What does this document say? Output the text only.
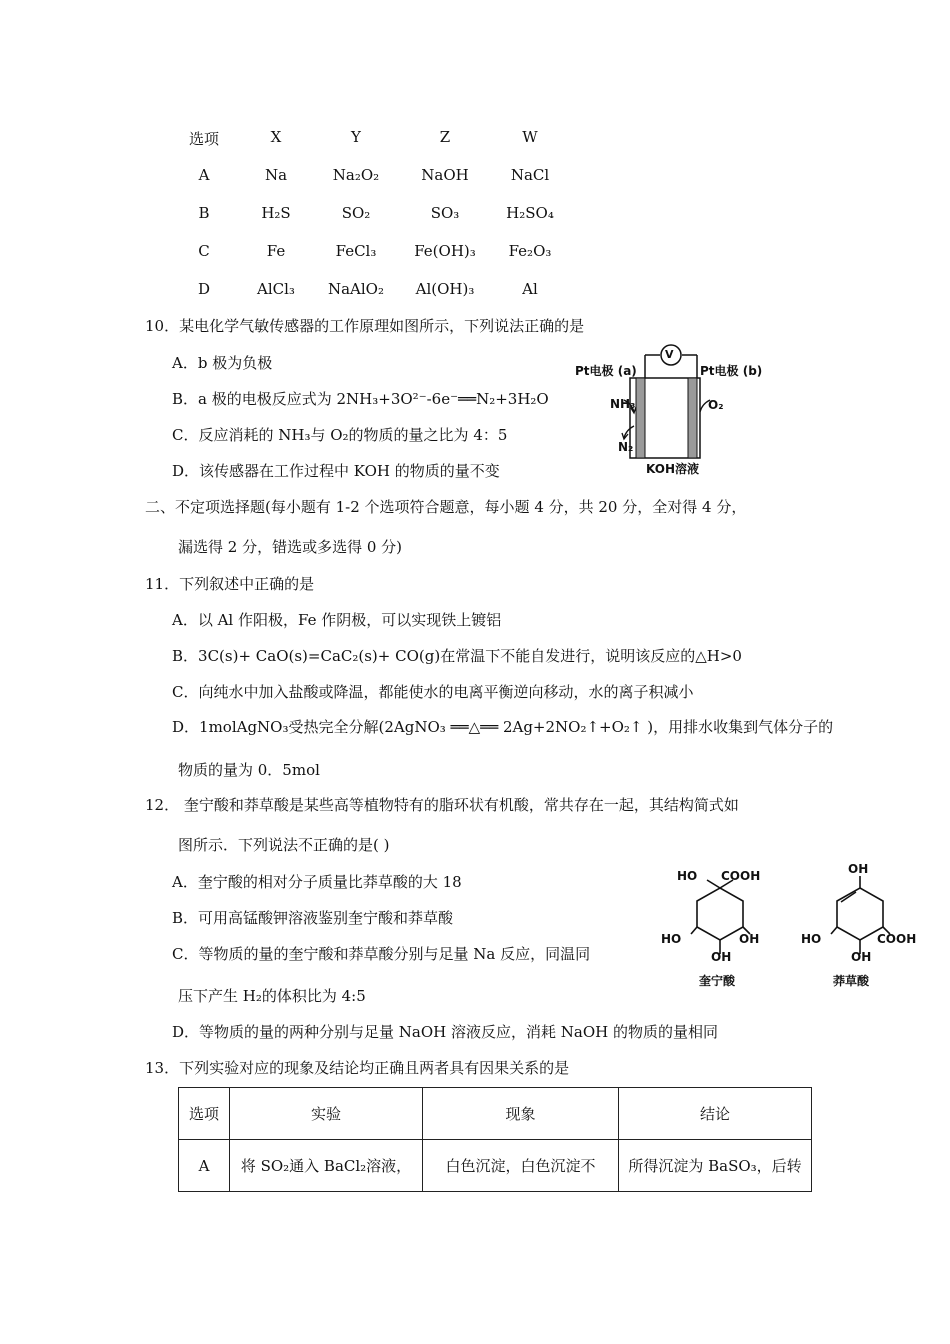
选项	X	Y	Z	W
A	Na	Na₂O₂	NaOH	NaCl
B	H₂S	SO₂	SO₃	H₂SO₄
C	Fe	FeCl₃	Fe(OH)₃	Fe₂O₃
D	AlCl₃	NaAlO₂	Al(OH)₃	Al
10．某电化学气敏传感器的工作原理如图所示，下列说法正确的是
A．b 极为负极
B．a 极的电极反应式为 2NH₃+3O²⁻-6e⁻══N₂+3H₂O
C．反应消耗的 NH₃与 O₂的物质的量之比为 4：5
D．该传感器在工作过程中 KOH 的物质的量不变
V
Pt电极 (a)	Pt电极 (b)
NH₃	O₂
N₂
KOH溶液
二、不定项选择题(每小题有 1-2 个选项符合题意，每小题 4 分，共 20 分，全对得 4 分，
漏选得 2 分，错选或多选得 0 分)
11．下列叙述中正确的是
A．以 Al 作阳极，Fe 作阴极，可以实现铁上镀铝
B．3C(s)+ CaO(s)=CaC₂(s)+ CO(g)在常温下不能自发进行，说明该反应的△H>0
C．向纯水中加入盐酸或降温，都能使水的电离平衡逆向移动，水的离子积减小
D．1molAgNO₃受热完全分解(2AgNO₃ ══△══ 2Ag+2NO₂↑+O₂↑ )，用排水收集到气体分子的
物质的量为 0．5mol
12． 奎宁酸和莽草酸是某些高等植物特有的脂环状有机酸，常共存在一起，其结构简式如
图所示．下列说法不正确的是( )
A．奎宁酸的相对分子质量比莽草酸的大 18
B．可用高锰酸钾溶液鉴别奎宁酸和莽草酸
C．等物质的量的奎宁酸和莽草酸分别与足量 Na 反应，同温同
压下产生 H₂的体积比为 4:5
D．等物质的量的两种分别与足量 NaOH 溶液反应，消耗 NaOH 的物质的量相同
HO COOH
HO	OH
OH
奎宁酸
OH
HO	COOH
OH
莽草酸
13．下列实验对应的现象及结论均正确且两者具有因果关系的是
选项	实验	现象	结论
A	将 SO₂通入 BaCl₂溶液，	白色沉淀，白色沉淀不	所得沉淀为 BaSO₃，后转
